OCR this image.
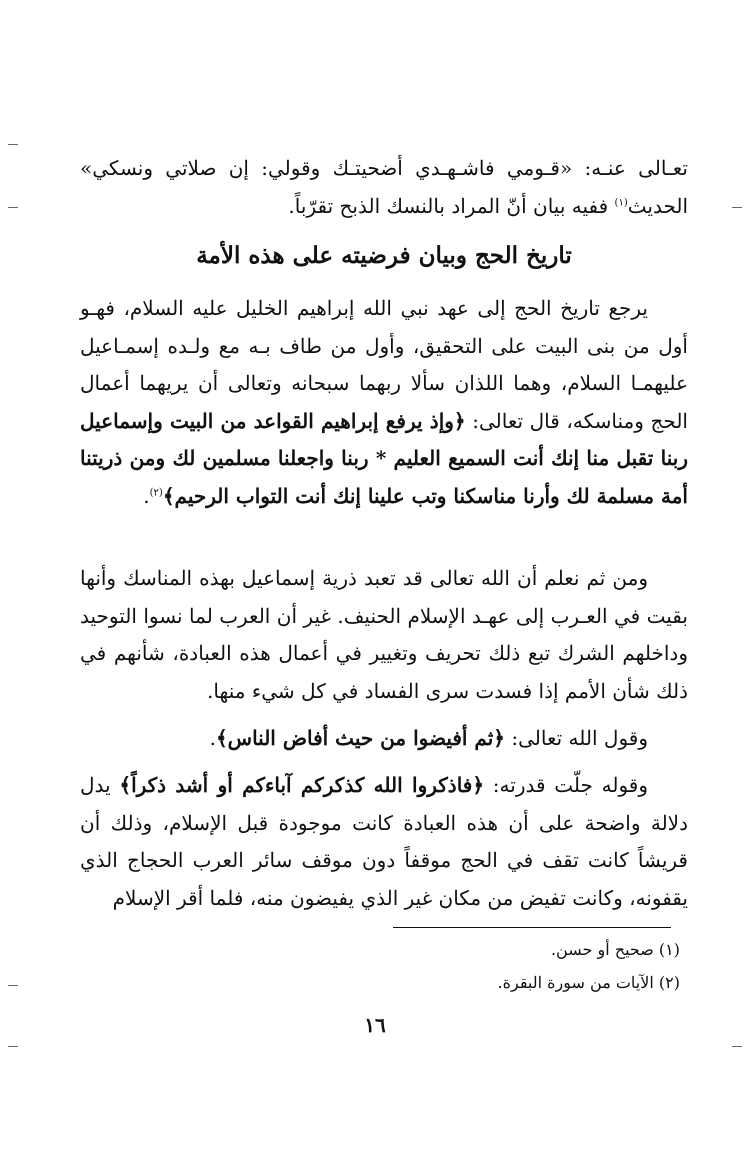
تعـالى عنـه: «قـومي فاشـهـدي أضحيتـك وقولي: إن صلاتي ونسكي» الحديث$^{(١)}$ ففيه بيان أنّ المراد بالنسك الذبح تقرّباً.

تاريخ الحج وبيان فرضيته على هذه الأمة

يرجع تاريخ الحج إلى عهد نبي الله إبراهيم الخليل عليه السلام، فهـو أول من بنى البيت على التحقيق، وأول من طاف بـه مع ولـده إسمـاعيل عليهمـا السلام، وهما اللذان سألا ربهما سبحانه وتعالى أن يريهما أعمال الحج ومناسكه، قال تعالى: ﴿وإذ يرفع إبراهيم القواعد من البيت وإسماعيل ربنا تقبل منا إنك أنت السميع العليم * ربنا واجعلنا مسلمين لك ومن ذريتنا أمة مسلمة لك وأرنا مناسكنا وتب علينا إنك أنت التواب الرحيم﴾$^{(٢)}$.

ومن ثم نعلم أن الله تعالى قد تعبد ذرية إسماعيل بهذه المناسك وأنها بقيت في العـرب إلى عهـد الإسلام الحنيف. غير أن العرب لما نسوا التوحيد وداخلهم الشرك تبع ذلك تحريف وتغيير في أعمال هذه العبادة، شأنهم في ذلك شأن الأمم إذا فسدت سرى الفساد في كل شيء منها.

وقول الله تعالى: ﴿ثم أفيضوا من حيث أفاض الناس﴾.

وقوله جلّت قدرته: ﴿فاذكروا الله كذكركم آباءكم أو أشد ذكراً﴾ يدل دلالة واضحة على أن هذه العبادة كانت موجودة قبل الإسلام، وذلك أن قريشاً كانت تقف في الحج موقفاً دون موقف سائر العرب الحجاج الذي يقفونه، وكانت تفيض من مكان غير الذي يفيضون منه، فلما أقر الإسلام

(١) صحيح أو حسن.
(٢) الآيات من سورة البقرة.
١٦
